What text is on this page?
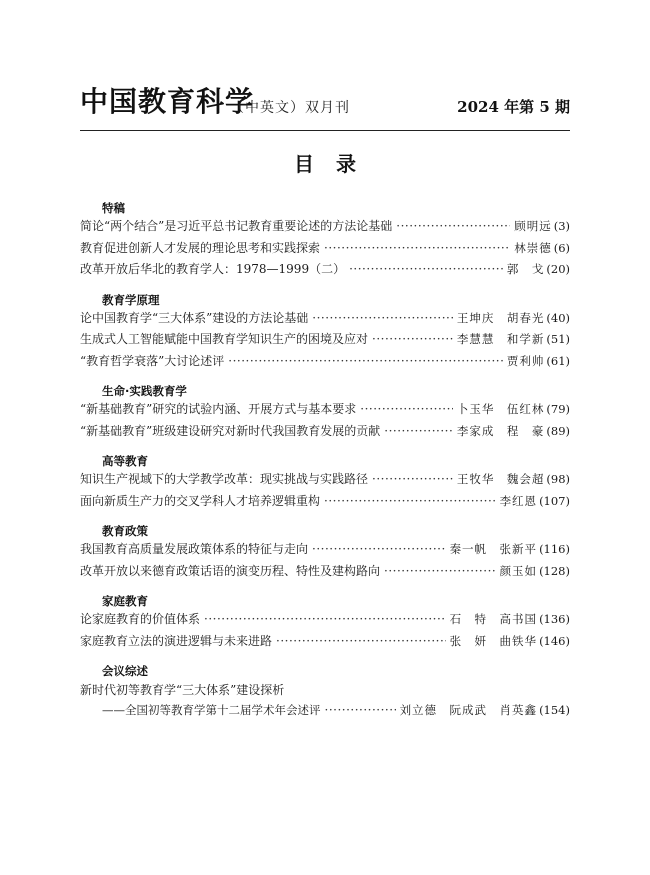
中国教育科学
（中英文）双月刊	2024 年第 5 期
目录
特稿
简论“两个结合”是习近平总书记教育重要论述的方法论基础 ·····	顾明远 (3)
教育促进创新人才发展的理论思考和实践探索 ·····	林崇德 (6)
改革开放后华北的教育学人：1978—1999（二） ·····	郭　戈 (20)
教育学原理
论中国教育学“三大体系”建设的方法论基础 ·····	王坤庆　胡春光 (40)
生成式人工智能赋能中国教育学知识生产的困境及应对 ·····	李慧慧　和学新 (51)
“教育哲学衰落”大讨论述评 ·····	贾利帅 (61)
生命·实践教育学
“新基础教育”研究的试验内涵、开展方式与基本要求 ·····	卜玉华　伍红林 (79)
“新基础教育”班级建设研究对新时代我国教育发展的贡献 ·····	李家成　程　豪 (89)
高等教育
知识生产视域下的大学教学改革：现实挑战与实践路径 ·····	王牧华　魏会超 (98)
面向新质生产力的交叉学科人才培养逻辑重构 ·····	李红恩 (107)
教育政策
我国教育高质量发展政策体系的特征与走向 ·····	秦一帆　张新平 (116)
改革开放以来德育政策话语的演变历程、特性及建构路向 ·····	颜玉如 (128)
家庭教育
论家庭教育的价值体系 ·····	石　特　高书国 (136)
家庭教育立法的演进逻辑与未来进路 ·····	张　妍　曲铁华 (146)
会议综述
新时代初等教育学“三大体系”建设探析
——全国初等教育学第十二届学术年会述评 ·····	刘立德　阮成武　肖英鑫 (154)
